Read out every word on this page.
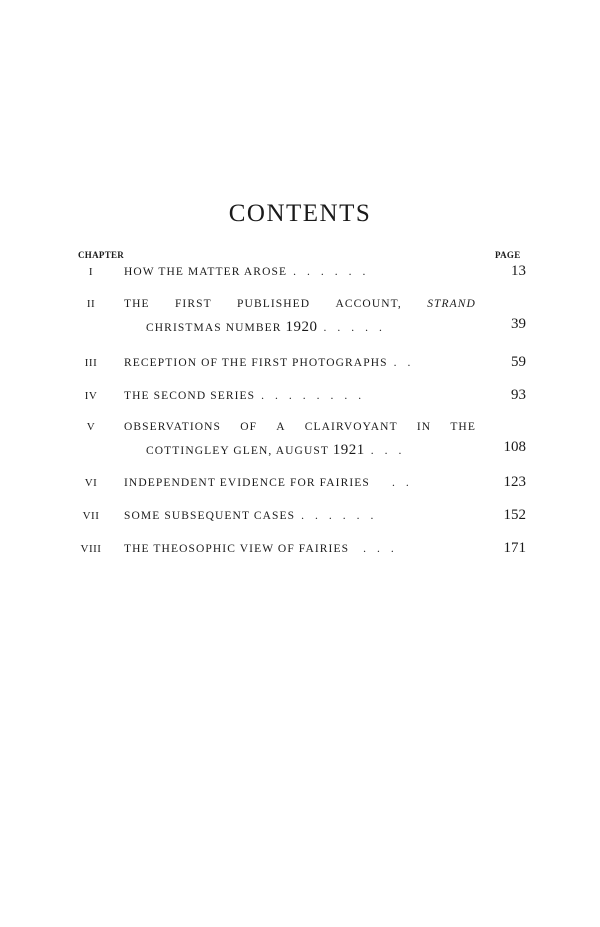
CONTENTS
CHAPTER	PAGE
I	HOW THE MATTER AROSE ......	13
II	THE FIRST PUBLISHED ACCOUNT, STRAND
CHRISTMAS NUMBER 1920 .....	39
III	RECEPTION OF THE FIRST PHOTOGRAPHS ..	59
IV	THE SECOND SERIES ........	93
V	OBSERVATIONS OF A CLAIRVOYANT IN THE
COTTINGLEY GLEN, AUGUST 1921 ...	108
VI	INDEPENDENT EVIDENCE FOR FAIRIES ..	123
VII	SOME SUBSEQUENT CASES ......	152
VIII	THE THEOSOPHIC VIEW OF FAIRIES ...	171
